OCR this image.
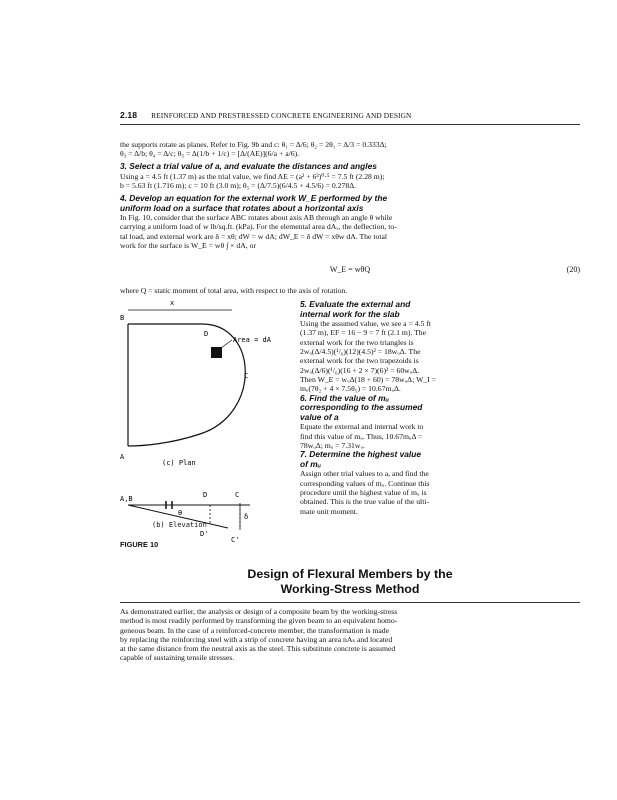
2.18 REINFORCED AND PRESTRESSED CONCRETE ENGINEERING AND DESIGN
the supports rotate as planes. Refer to Fig. 9b and c: θ₁ = Δ/6; θ₂ = 2θ₁ = Δ/3 = 0.333Δ;
θ₃ = Δ/b; θ₄ = Δ/c; θ₅ = Δ(1/b + 1/c) = [Δ/(AE)](6/a + a/6).
3. Select a trial value of a, and evaluate the distances and angles
Using a = 4.5 ft (1.37 m) as the trial value, we find AE = (a² + 6²)⁰·⁵ = 7.5 ft (2.28 m);
b = 5.63 ft (1.716 m); c = 10 ft (3.0 m); θ₅ = (Δ/7.5)(6/4.5 + 4.5/6) = 0.278Δ.
4. Develop an equation for the external work W_E performed by the
uniform load on a surface that rotates about a horizontal axis
In Fig. 10, consider that the surface ABC rotates about axis AB through an angle θ while
carrying a uniform load of w lb/sq.ft. (kPa). For the elemental area dAₓ, the deflection, to-
tal load, and external work are δ = xθ; dW = w dA; dW_E = δ dW = xθw dA. The total
work for the surface is W_E = wθ ∫ × dA, or
W_E = wθQ	(20)
where Q = static moment of total area, with respect to the axis of rotation.
x
B
D
Area = dA
C
A
(c) Plan
A,B
θ
D	C
δ
D'
C'
(b) Elevation
FIGURE 10
5. Evaluate the external and
internal work for the slab
Using the assumed value, we see a = 4.5 ft
(1.37 m), EF = 16 − 9 = 7 ft (2.1 m). The
external work for the two triangles is
2wᵤ(Δ/4.5)(¹/₆)(12)(4.5)² = 18wᵤΔ. The
external work for the two trapezoids is
2wᵤ(Δ/6)(¹/₆)(16 + 2 × 7)(6)² = 60wᵤΔ.
Then W_E = wᵤΔ(18 + 60) = 78wᵤΔ; W_I =
mᵤ(7θ₂ + 4 × 7.5θ₅) = 10.67mᵤΔ.
6. Find the value of mᵤ
corresponding to the assumed
value of a
Equate the external and internal work to
find this value of mᵤ. Thus, 10.67mᵤΔ =
78wᵤΔ; mᵤ = 7.31wᵤ.
7. Determine the highest value
of mᵤ
Assign other trial values to a, and find the
corresponding values of mᵤ. Continue this
procedure until the highest value of mᵤ is
obtained. This is the true value of the ulti-
mate unit moment.
Design of Flexural Members by the
Working-Stress Method
As demonstrated earlier, the analysis or design of a composite beam by the working-stress
method is most readily performed by transforming the given beam to an equivalent homo-
geneous beam. In the case of a reinforced-concrete member, the transformation is made
by replacing the reinforcing steel with a strip of concrete having an area nAₛ and located
at the same distance from the neutral axis as the steel. This substitute concrete is assumed
capable of sustaining tensile stresses.
